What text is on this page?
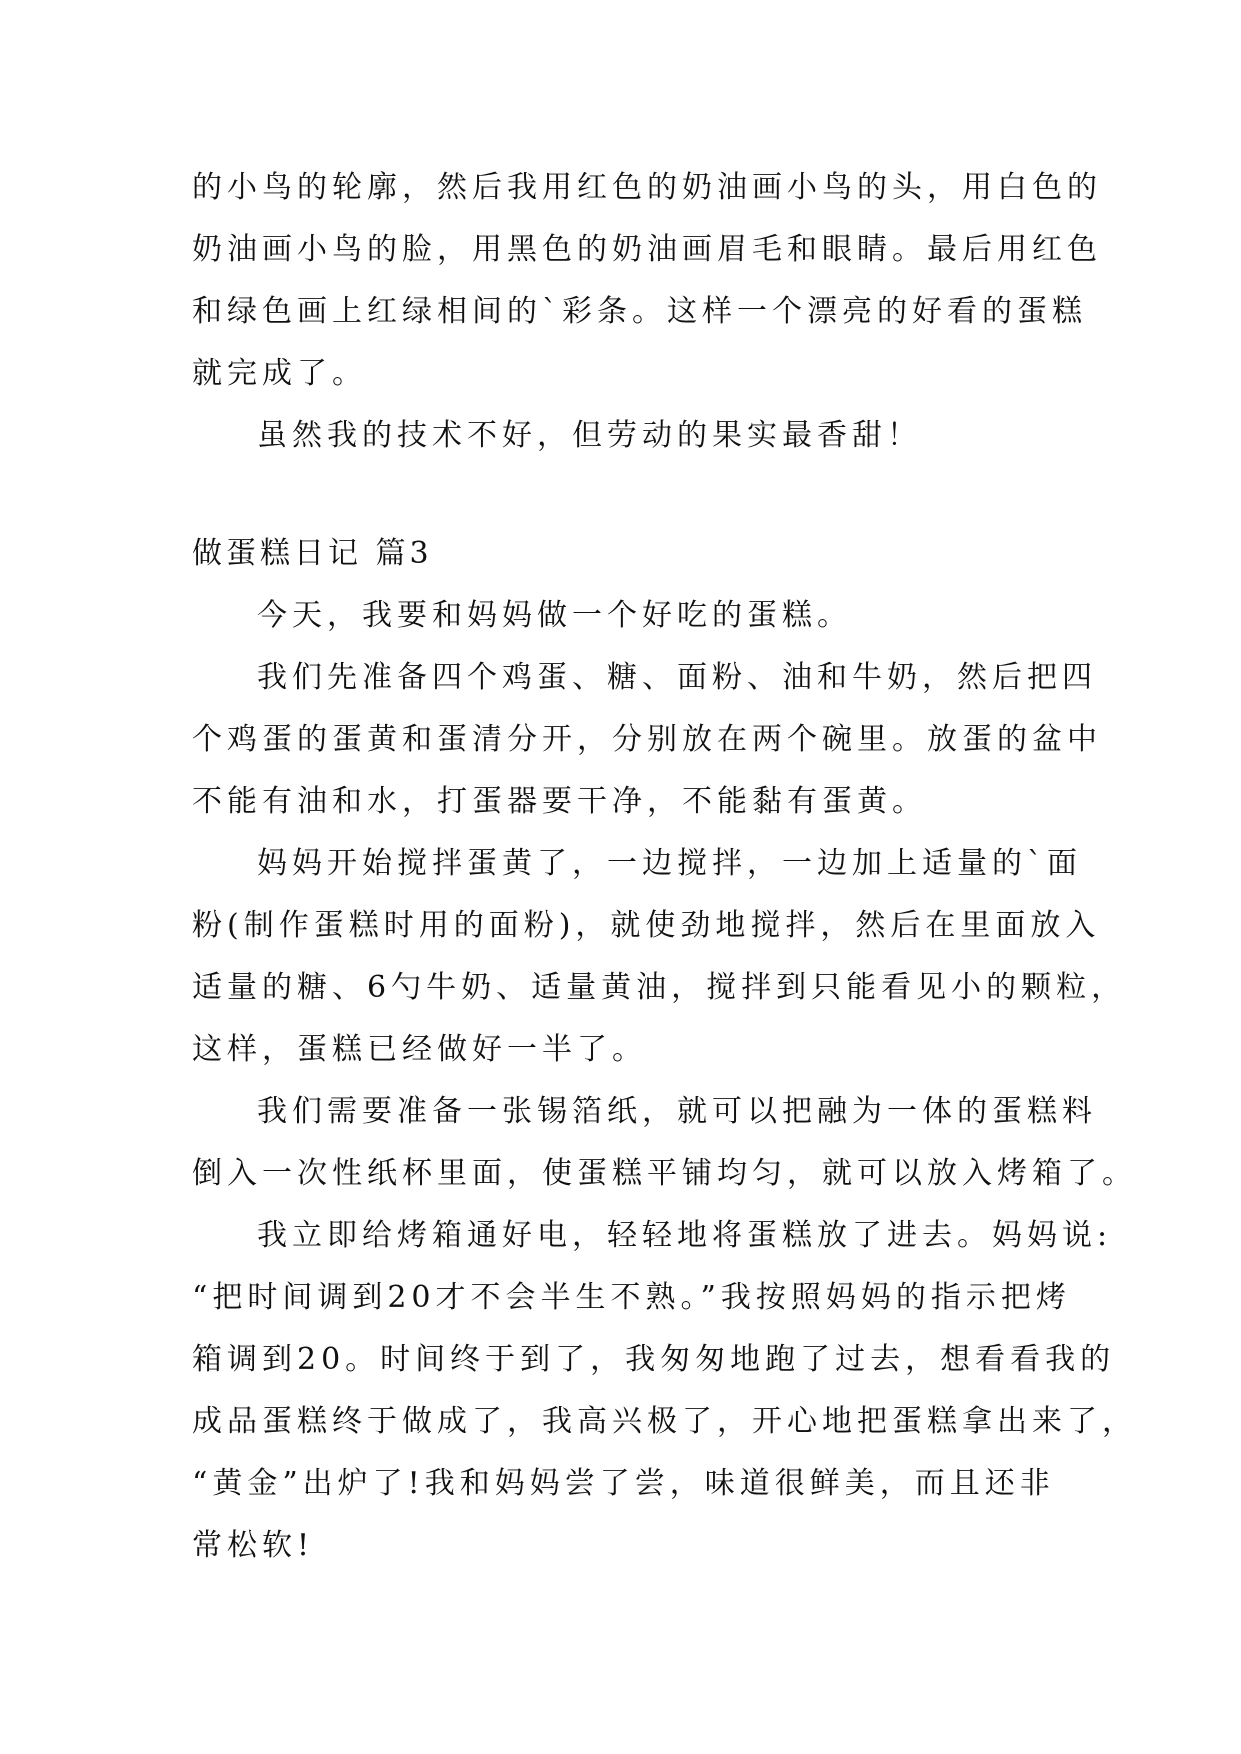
的小鸟的轮廓，然后我用红色的奶油画小鸟的头，用白色的
奶油画小鸟的脸，用黑色的奶油画眉毛和眼睛。最后用红色
和绿色画上红绿相间的`彩条。这样一个漂亮的好看的蛋糕
就完成了。
虽然我的技术不好，但劳动的果实最香甜！
做蛋糕日记 篇3
今天，我要和妈妈做一个好吃的蛋糕。
我们先准备四个鸡蛋、糖、面粉、油和牛奶，然后把四
个鸡蛋的蛋黄和蛋清分开，分别放在两个碗里。放蛋的盆中
不能有油和水，打蛋器要干净，不能黏有蛋黄。
妈妈开始搅拌蛋黄了，一边搅拌，一边加上适量的`面
粉(制作蛋糕时用的面粉)，就使劲地搅拌，然后在里面放入
适量的糖、6勺牛奶、适量黄油，搅拌到只能看见小的颗粒，
这样，蛋糕已经做好一半了。
我们需要准备一张锡箔纸，就可以把融为一体的蛋糕料
倒入一次性纸杯里面，使蛋糕平铺均匀，就可以放入烤箱了。
我立即给烤箱通好电，轻轻地将蛋糕放了进去。妈妈说:
“把时间调到20才不会半生不熟。”我按照妈妈的指示把烤
箱调到20。时间终于到了，我匆匆地跑了过去，想看看我的
成品蛋糕终于做成了，我高兴极了，开心地把蛋糕拿出来了，
“黄金”出炉了!我和妈妈尝了尝，味道很鲜美，而且还非
常松软!
